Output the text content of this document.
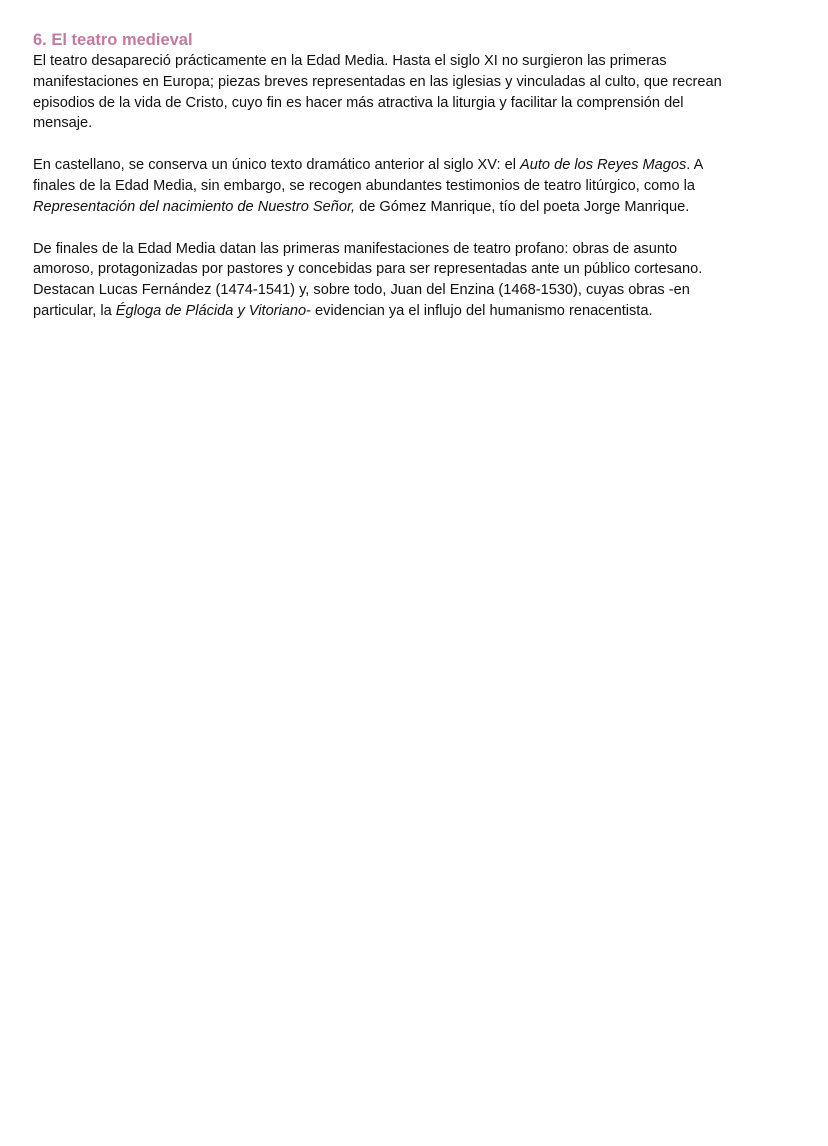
6. El teatro medieval

El teatro desapareció prácticamente en la Edad Media. Hasta el siglo XI no surgieron las primeras
manifestaciones en Europa; piezas breves representadas en las iglesias y vinculadas al culto, que recrean
episodios de la vida de Cristo, cuyo fin es hacer más atractiva la liturgia y facilitar la comprensión del
mensaje.

En castellano, se conserva un único texto dramático anterior al siglo XV: el Auto de los Reyes Magos. A
finales de la Edad Media, sin embargo, se recogen abundantes testimonios de teatro litúrgico, como la
Representación del nacimiento de Nuestro Señor, de Gómez Manrique, tío del poeta Jorge Manrique.

De finales de la Edad Media datan las primeras manifestaciones de teatro profano: obras de asunto
amoroso, protagonizadas por pastores y concebidas para ser representadas ante un público cortesano.
Destacan Lucas Fernández (1474-1541) y, sobre todo, Juan del Enzina (1468-1530), cuyas obras -en
particular, la Égloga de Plácida y Vitoriano- evidencian ya el influjo del humanismo renacentista.
